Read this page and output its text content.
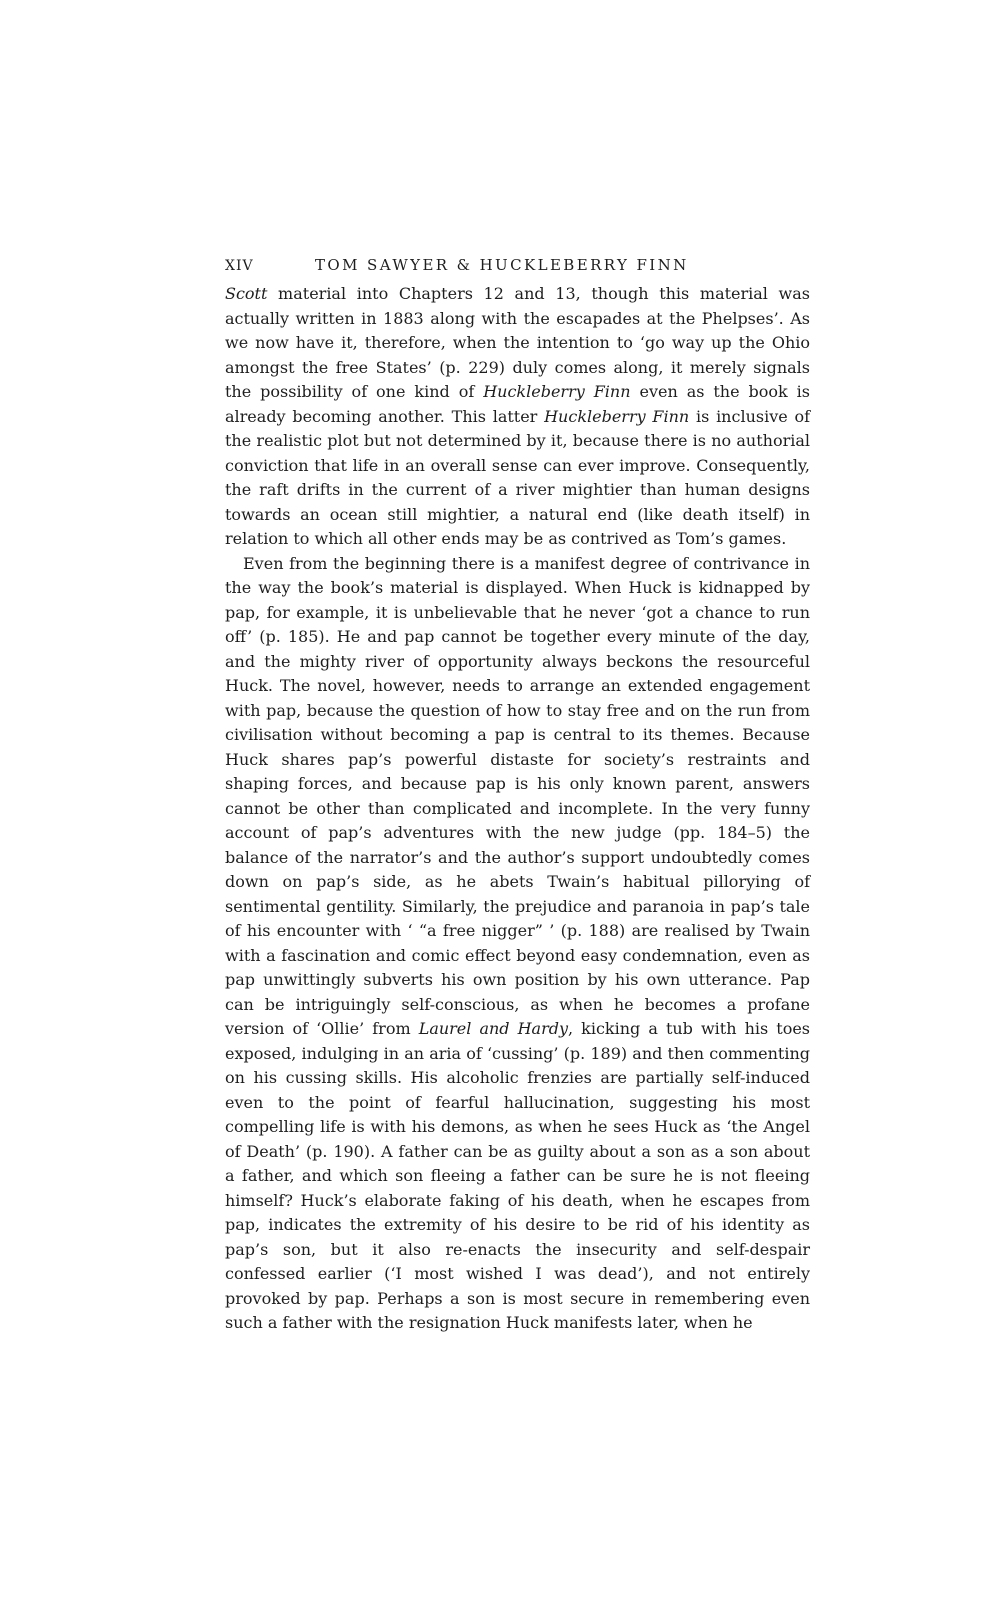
XIV	TOM SAWYER & HUCKLEBERRY FINN

Scott material into Chapters 12 and 13, though this material was actually written in 1883 along with the escapades at the Phelpses’. As we now have it, therefore, when the intention to ‘go way up the Ohio amongst the free States’ (p. 229) duly comes along, it merely signals the possibility of one kind of Huckleberry Finn even as the book is already becoming another. This latter Huckleberry Finn is inclusive of the realistic plot but not determined by it, because there is no authorial conviction that life in an overall sense can ever improve. Consequently, the raft drifts in the current of a river mightier than human designs towards an ocean still mightier, a natural end (like death itself) in relation to which all other ends may be as contrived as Tom’s games.

Even from the beginning there is a manifest degree of contrivance in the way the book’s material is displayed. When Huck is kidnapped by pap, for example, it is unbelievable that he never ‘got a chance to run off’ (p. 185). He and pap cannot be together every minute of the day, and the mighty river of opportunity always beckons the resourceful Huck. The novel, however, needs to arrange an extended engagement with pap, because the question of how to stay free and on the run from civilisation without becoming a pap is central to its themes. Because Huck shares pap’s powerful distaste for society’s restraints and shaping forces, and because pap is his only known parent, answers cannot be other than complicated and incomplete. In the very funny account of pap’s adventures with the new judge (pp. 184–5) the balance of the narrator’s and the author’s support undoubtedly comes down on pap’s side, as he abets Twain’s habitual pillorying of sentimental gentility. Similarly, the prejudice and paranoia in pap’s tale of his encounter with ‘ “a free nigger” ’ (p. 188) are realised by Twain with a fascination and comic effect beyond easy condemnation, even as pap unwittingly subverts his own position by his own utterance. Pap can be intriguingly self-conscious, as when he becomes a profane version of ‘Ollie’ from Laurel and Hardy, kicking a tub with his toes exposed, indulging in an aria of ‘cussing’ (p. 189) and then commenting on his cussing skills. His alcoholic frenzies are partially self-induced even to the point of fearful hallucination, suggesting his most compelling life is with his demons, as when he sees Huck as ‘the Angel of Death’ (p. 190). A father can be as guilty about a son as a son about a father, and which son fleeing a father can be sure he is not fleeing himself? Huck’s elaborate faking of his death, when he escapes from pap, indicates the extremity of his desire to be rid of his identity as pap’s son, but it also re-enacts the insecurity and self-despair confessed earlier (‘I most wished I was dead’), and not entirely provoked by pap. Perhaps a son is most secure in remembering even such a father with the resignation Huck manifests later, when he
